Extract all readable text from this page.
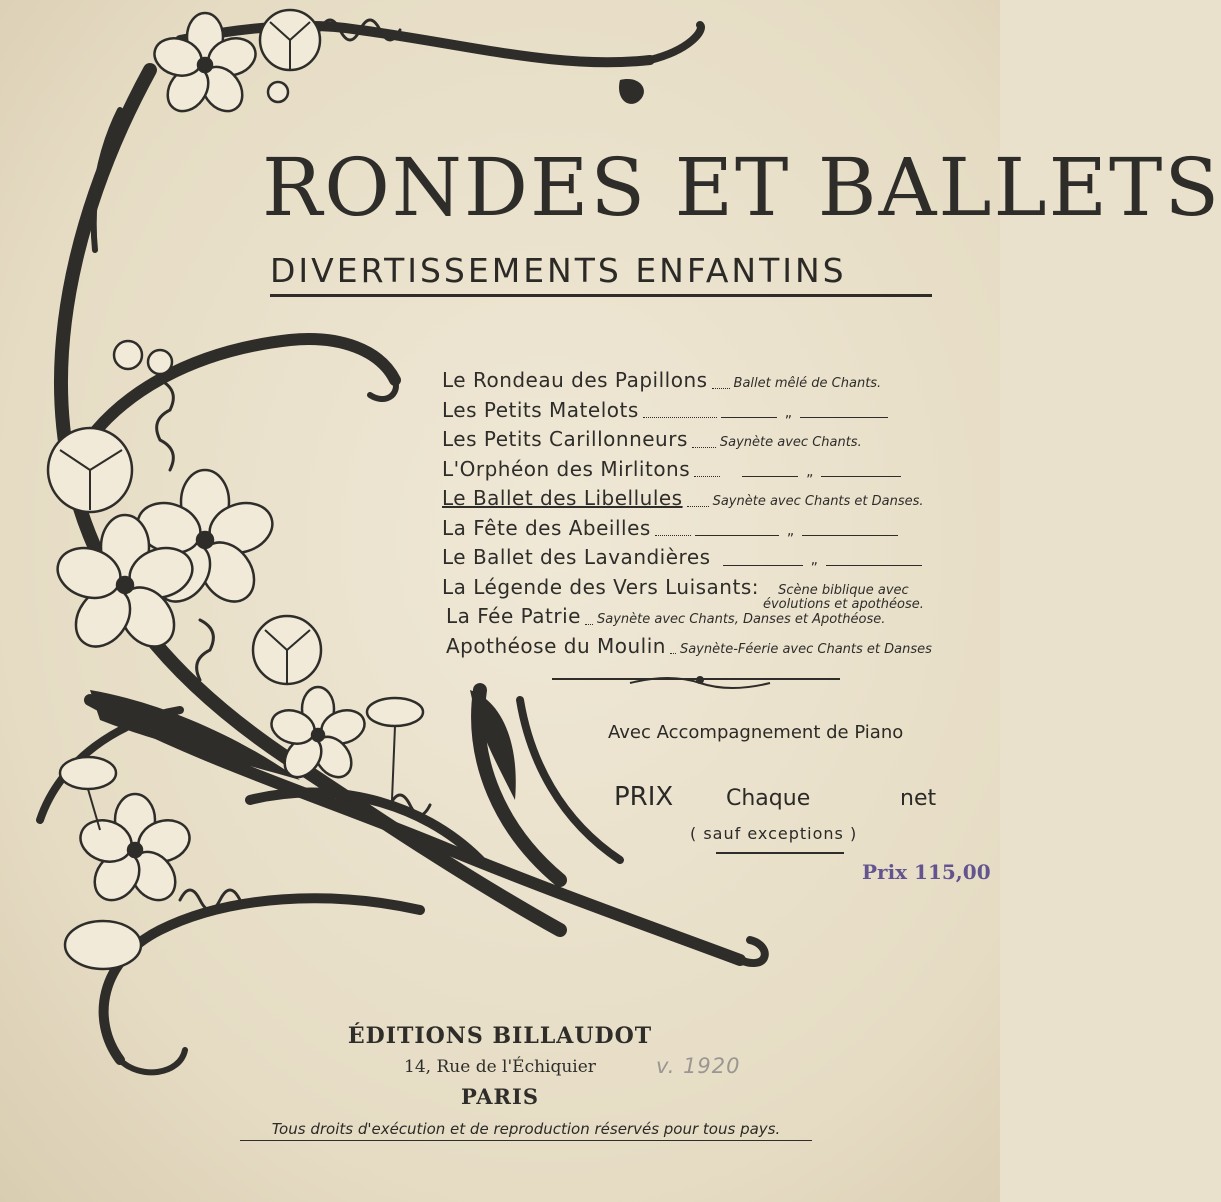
RONDES ET BALLETS
DIVERTISSEMENTS ENFANTINS
Le Rondeau des Papillons Ballet mêlé de Chants.
Les Petits Matelots	„
Les Petits Carillonneurs Saynète avec Chants.
L'Orphéon des Mirlitons	„
Le Ballet des Libellules Saynète avec Chants et Danses.
La Fête des Abeilles	„
Le Ballet des Lavandières	„
La Légende des Vers Luisants:	Scène biblique avec
évolutions et apothéose.
La Fée Patrie Saynète avec Chants, Danses et Apothéose.
Apothéose du Moulin Saynète-Féerie avec Chants et Danses
Avec Accompagnement de Piano
PRIX Chaque	net
( sauf exceptions )
Prix 115,00
ÉDITIONS BILLAUDOT
14, Rue de l'Échiquier
PARIS
v. 1920
Tous droits d'exécution et de reproduction réservés pour tous pays.
